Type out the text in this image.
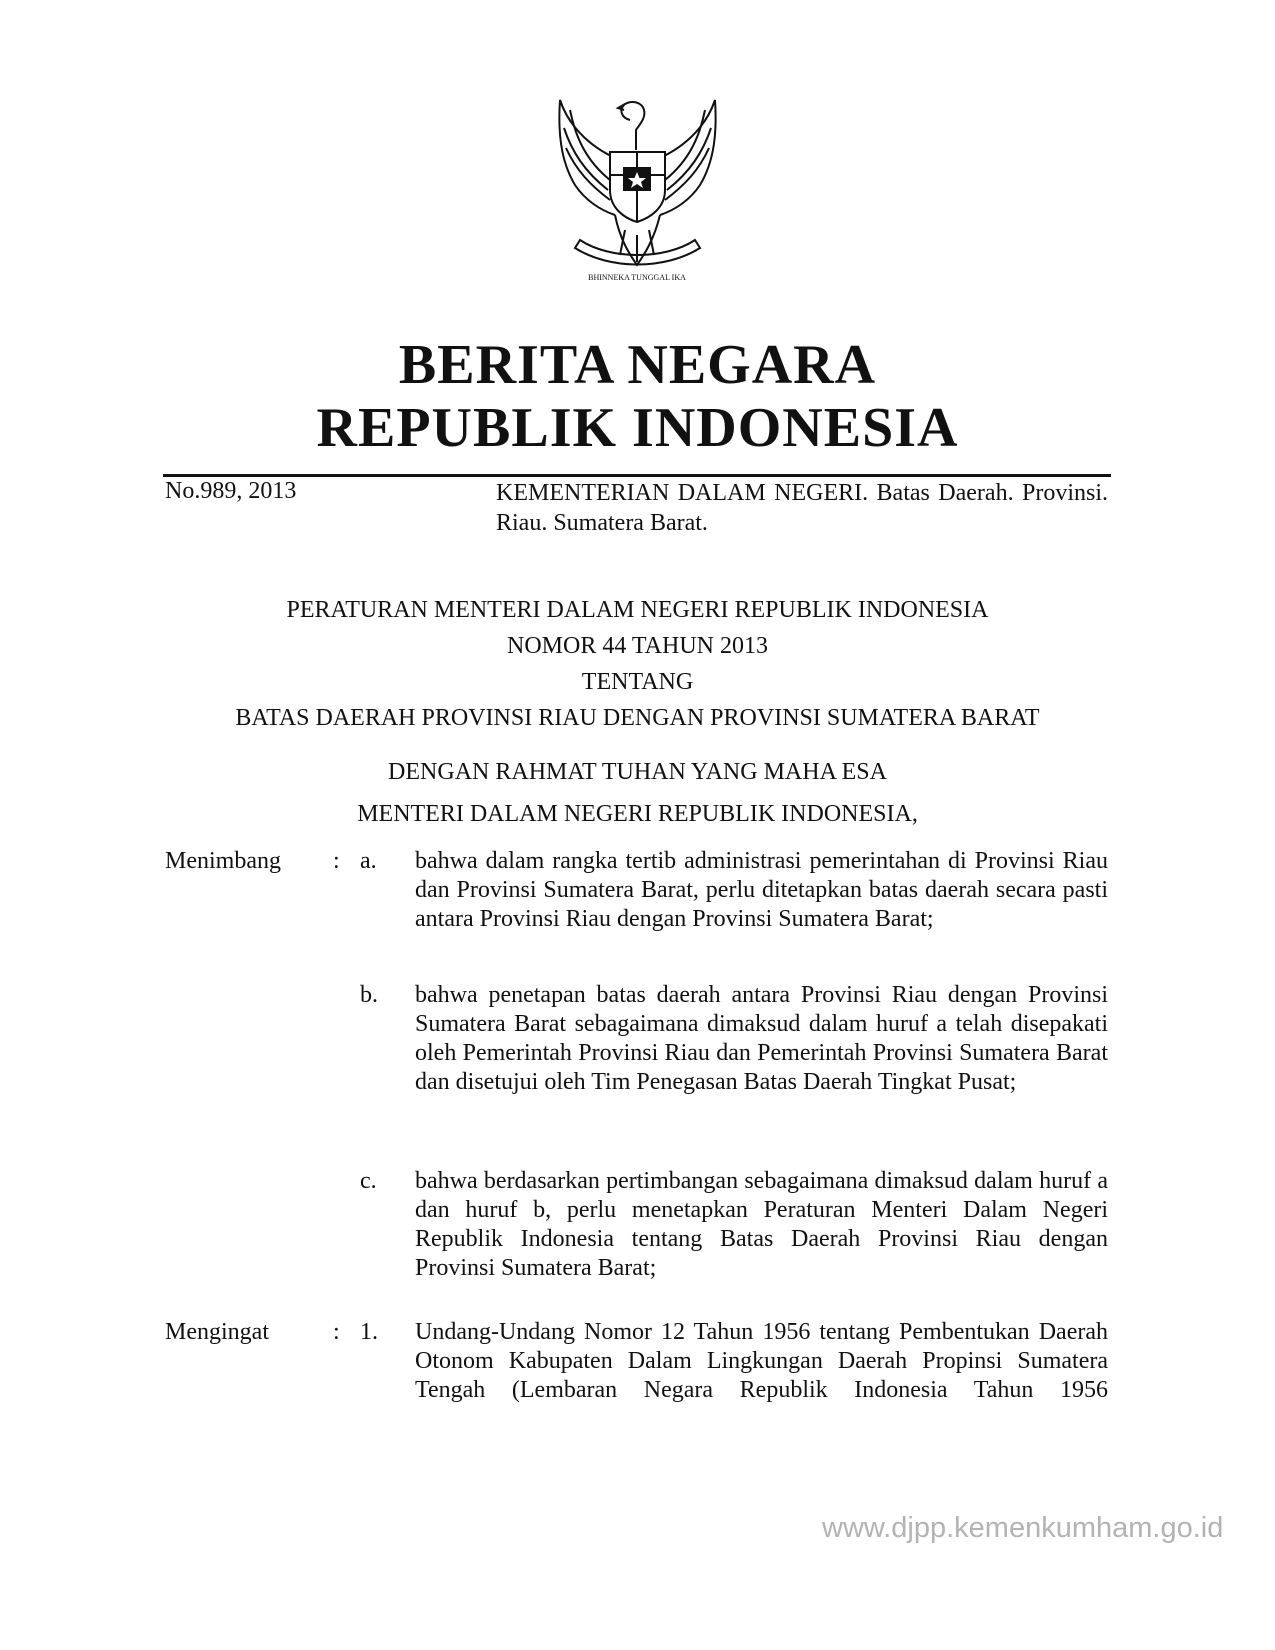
BHINNEKA TUNGGAL IKA
BERITA NEGARA
REPUBLIK INDONESIA
No.989, 2013	KEMENTERIAN DALAM NEGERI. Batas Daerah. Provinsi. Riau. Sumatera Barat.
PERATURAN MENTERI DALAM NEGERI REPUBLIK INDONESIA
NOMOR 44 TAHUN 2013
TENTANG
BATAS DAERAH PROVINSI RIAU DENGAN PROVINSI SUMATERA BARAT
DENGAN RAHMAT TUHAN YANG MAHA ESA
MENTERI DALAM NEGERI REPUBLIK INDONESIA,
Menimbang : a. bahwa dalam rangka tertib administrasi pemerintahan di Provinsi Riau dan Provinsi Sumatera Barat, perlu ditetapkan batas daerah secara pasti antara Provinsi Riau dengan Provinsi Sumatera Barat;
b. bahwa penetapan batas daerah antara Provinsi Riau dengan Provinsi Sumatera Barat sebagaimana dimaksud dalam huruf a telah disepakati oleh Pemerintah Provinsi Riau dan Pemerintah Provinsi Sumatera Barat dan disetujui oleh Tim Penegasan Batas Daerah Tingkat Pusat;
c. bahwa berdasarkan pertimbangan sebagaimana dimaksud dalam huruf a dan huruf b, perlu menetapkan Peraturan Menteri Dalam Negeri Republik Indonesia tentang Batas Daerah Provinsi Riau dengan Provinsi Sumatera Barat;
Mengingat	: 1. Undang-Undang Nomor 12 Tahun 1956 tentang Pembentukan Daerah Otonom Kabupaten Dalam Lingkungan Daerah Propinsi Sumatera Tengah (Lembaran Negara Republik Indonesia Tahun 1956
www.djpp.kemenkumham.go.id
